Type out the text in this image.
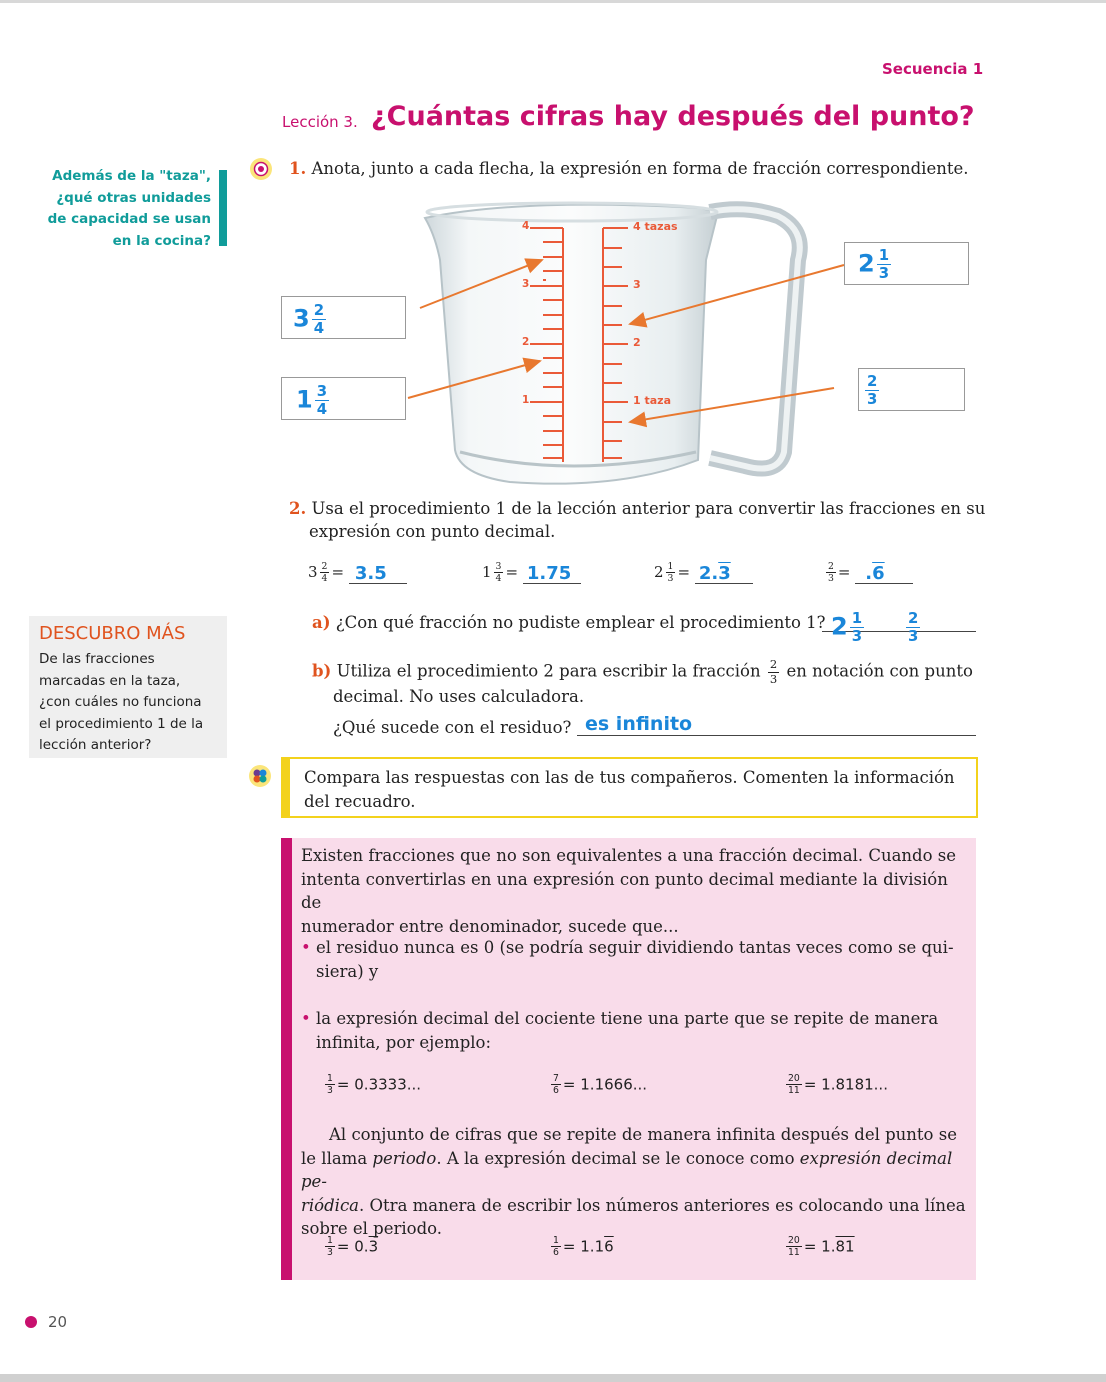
Secuencia 1
Lección 3. ¿Cuántas cifras hay después del punto?
Además de la "taza",
¿qué otras unidades
de capacidad se usan
en la cocina?
1. Anota, junto a cada flecha, la expresión en forma de fracción correspondiente.
4
3
2
1
4 tazas
3
2
1 taza
$3 \frac{2}{4}$
$1 \frac{3}{4}$
$2 \frac{1}{3}$
$\frac{2}{3}$
2. Usa el procedimiento 1 de la lección anterior para convertir las fracciones en su
expresión con punto decimal.
$3 \frac{2}{4} = 3.5$	$1 \frac{3}{4} = 1.75$	$2 \frac{1}{3} = 2.3$	$\frac{2}{3} = .6$
DESCUBRO MÁS
De las fracciones
marcadas en la taza,
¿con cuáles no funciona
el procedimiento 1 de la
lección anterior?
a) ¿Con qué fracción no pudiste emplear el procedimiento 1? $2 \frac{1}{3}$	$\frac{2}{3}$
b) Utiliza el procedimiento 2 para escribir la fracción $\frac{2}{3}$ en notación con punto
decimal. No uses calculadora.
¿Qué sucede con el residuo? es infinito
Compara las respuestas con las de tus compañeros. Comenten la información
del recuadro.
Existen fracciones que no son equivalentes a una fracción decimal. Cuando se
intenta convertirlas en una expresión con punto decimal mediante la división de
numerador entre denominador, sucede que...
• el residuo nunca es 0 (se podría seguir dividiendo tantas veces como se qui-
siera) y
• la expresión decimal del cociente tiene una parte que se repite de manera
infinita, por ejemplo:
$\frac{1}{3} = 0.3333$...	$\frac{7}{6} = 1.1666$...	$\frac{20}{11} = 1.8181$...
Al conjunto de cifras que se repite de manera infinita después del punto se
le llama periodo. A la expresión decimal se le conoce como expresión decimal pe-
riódica. Otra manera de escribir los números anteriores es colocando una línea
sobre el periodo.
$\frac{1}{3} = 0.3$	$\frac{1}{6} = 1.16$	$\frac{20}{11} = 1.81$
20
